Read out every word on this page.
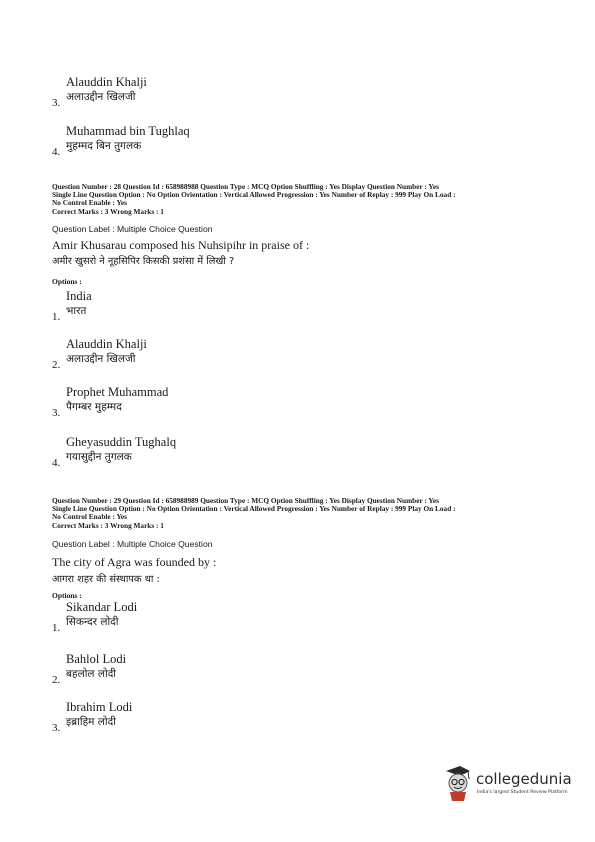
Alauddin Khalji
3. अलाउद्दीन खिलजी
Muhammad bin Tughlaq
4. मुहम्मद बिन तुगलक
Question Number : 28 Question Id : 658988988 Question Type : MCQ Option Shuffling : Yes Display Question Number : Yes
Single Line Question Option : No Option Orientation : Vertical Allowed Progression : Yes Number of Replay : 999 Play On Load :
No Control Enable : Yes
Correct Marks : 3 Wrong Marks : 1
Question Label : Multiple Choice Question
Amir Khusarau composed his Nuhsipihr in praise of :
अमीर खुसरो ने नूहसिपिर किसकी प्रशंसा में लिखी ?
Options :
India
1. भारत
Alauddin Khalji
2. अलाउद्दीन खिलजी
Prophet Muhammad
3. पैगम्बर मुहम्मद
Gheyasuddin Tughalq
4. गयासुद्दीन तुगलक
Question Number : 29 Question Id : 658988989 Question Type : MCQ Option Shuffling : Yes Display Question Number : Yes
Single Line Question Option : No Option Orientation : Vertical Allowed Progression : Yes Number of Replay : 999 Play On Load :
No Control Enable : Yes
Correct Marks : 3 Wrong Marks : 1
Question Label : Multiple Choice Question
The city of Agra was founded by :
आगरा शहर की संस्थापक था :
Options :
Sikandar Lodi
1. सिकन्दर लोदी
Bahlol Lodi
2. बहलोल लोदी
Ibrahim Lodi
3. इब्राहिम लोदी
collegedunia
India's largest Student Review Platform
